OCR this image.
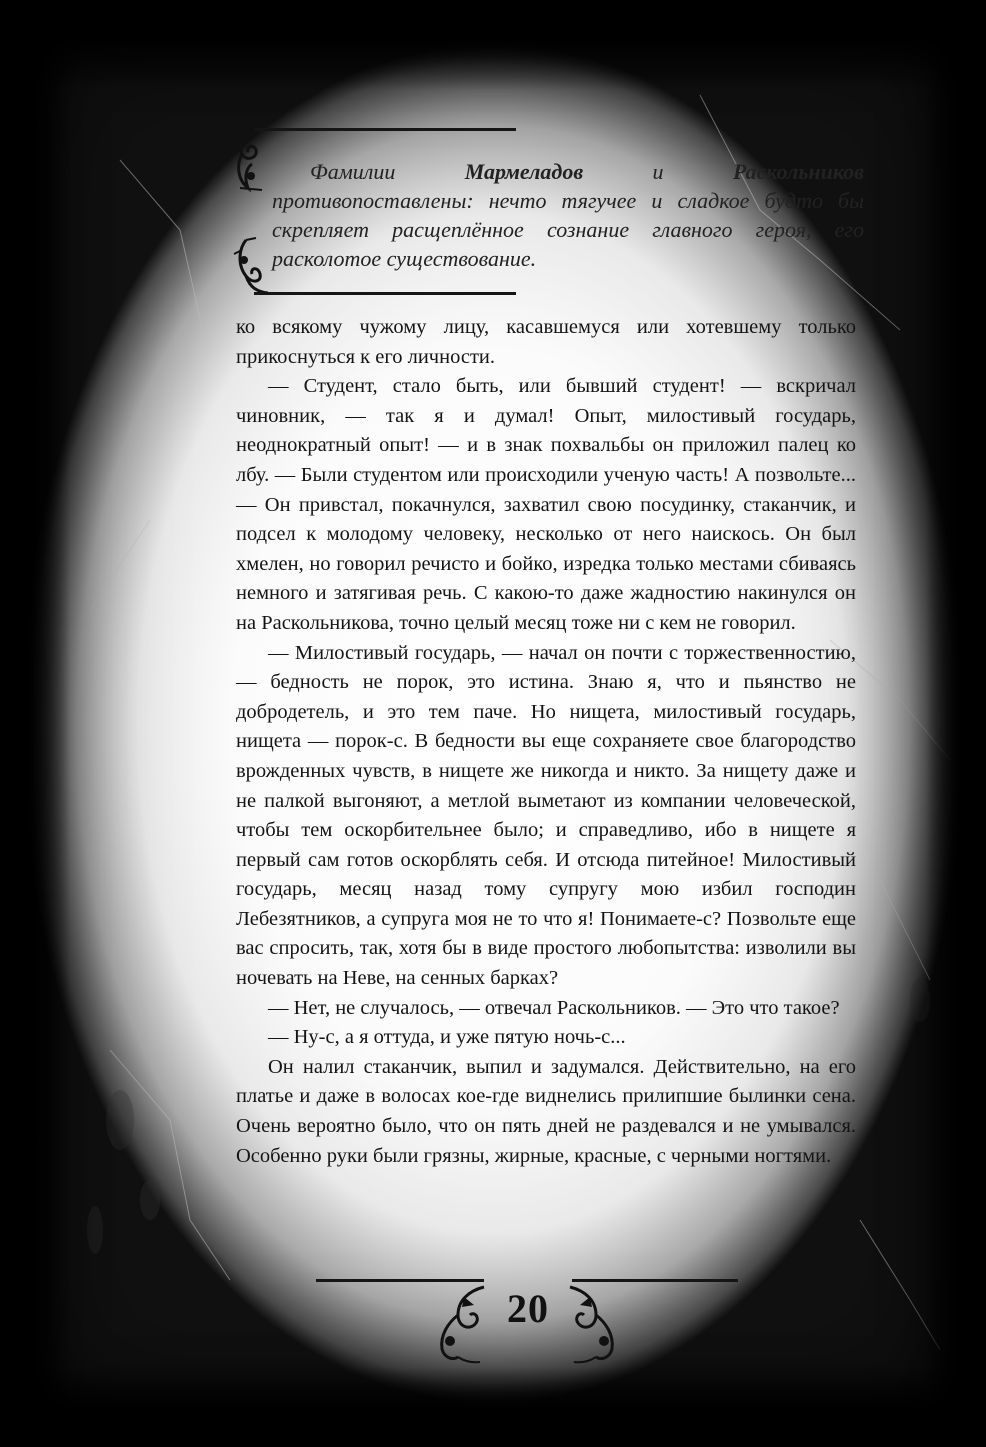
Фамилии Мармеладов и Раскольников противопоставлены: нечто тягучее и сладкое будто бы скрепляет расщеплённое сознание главного героя, его расколотое существование.

ко всякому чужому лицу, касавшемуся или хотевшему только прикоснуться к его личности.

— Студент, стало быть, или бывший студент! — вскричал чиновник, — так я и думал! Опыт, милостивый государь, неоднократный опыт! — и в знак похвальбы он приложил палец ко лбу. — Были студентом или происходили ученую часть! А позвольте... — Он привстал, покачнулся, захватил свою посудинку, стаканчик, и подсел к молодому человеку, несколько от него наискось. Он был хмелен, но говорил речисто и бойко, изредка только местами сбиваясь немного и затягивая речь. С какою-то даже жадностию накинулся он на Раскольникова, точно целый месяц тоже ни с кем не говорил.

— Милостивый государь, — начал он почти с торжественностию, — бедность не порок, это истина. Знаю я, что и пьянство не добродетель, и это тем паче. Но нищета, милостивый государь, нищета — порок-с. В бедности вы еще сохраняете свое благородство врожденных чувств, в нищете же никогда и никто. За нищету даже и не палкой выгоняют, а метлой выметают из компании человеческой, чтобы тем оскорбительнее было; и справедливо, ибо в нищете я первый сам готов оскорблять себя. И отсюда питейное! Милостивый государь, месяц назад тому супругу мою избил господин Лебезятников, а супруга моя не то что я! Понимаете-с? Позвольте еще вас спросить, так, хотя бы в виде простого любопытства: изволили вы ночевать на Неве, на сенных барках?

— Нет, не случалось, — отвечал Раскольников. — Это что такое?

— Ну-с, а я оттуда, и уже пятую ночь-с...

Он налил стаканчик, выпил и задумался. Действительно, на его платье и даже в волосах кое-где виднелись прилипшие былинки сена. Очень вероятно было, что он пять дней не раздевался и не умывался. Особенно руки были грязны, жирные, красные, с черными ногтями.

20
